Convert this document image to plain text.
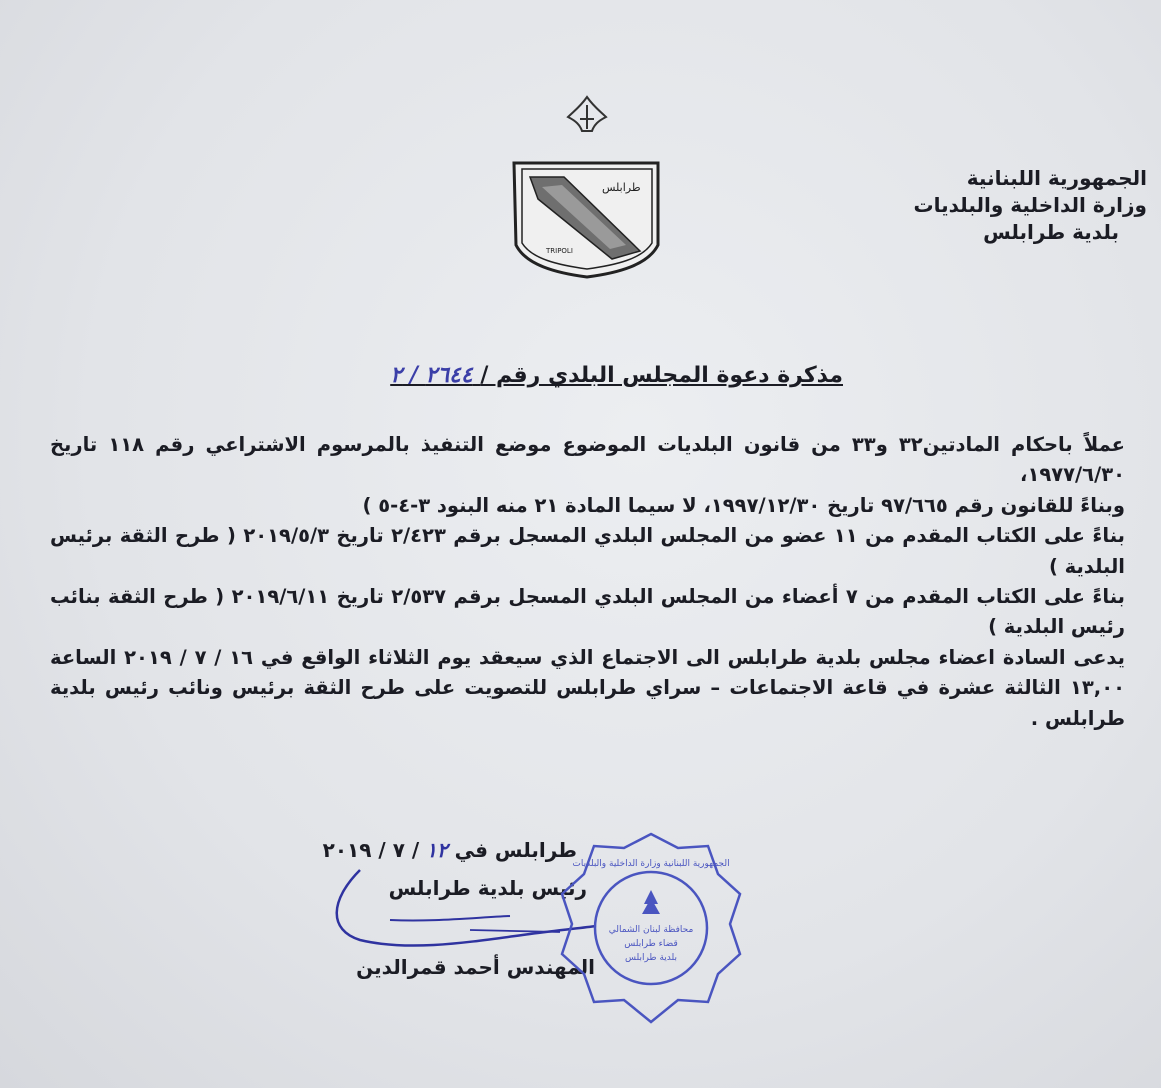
طرابلس
TRIPOLI
الجمهورية اللبنانية
وزارة الداخلية والبلديات
بلدية طرابلس
مذكرة دعوة المجلس البلدي رقم / ٢٦٤٤ / ٢

عملاً باحكام المادتين٣٢ و٣٣ من قانون البلديات الموضوع موضع التنفيذ بالمرسوم الاشتراعي رقم ١١٨ تاريخ ١٩٧٧/٦/٣٠،

وبناءً للقانون رقم ٩٧/٦٦٥ تاريخ ١٩٩٧/١٢/٣٠، لا سيما المادة ٢١ منه البنود ٣-٤-٥ )

بناءً على الكتاب المقدم من ١١ عضو من المجلس البلدي المسجل برقم ٢/٤٢٣ تاريخ ٢٠١٩/٥/٣ ( طرح الثقة برئيس البلدية )

بناءً على الكتاب المقدم من ٧ أعضاء من المجلس البلدي المسجل برقم ٢/٥٣٧ تاريخ ٢٠١٩/٦/١١ ( طرح الثقة بنائب رئيس البلدية )

يدعى السادة اعضاء مجلس بلدية طرابلس الى الاجتماع الذي سيعقد يوم الثلاثاء الواقع في ١٦ / ٧ / ٢٠١٩ الساعة ١٣,٠٠ الثالثة عشرة في قاعة الاجتماعات – سراي طرابلس للتصويت على طرح الثقة برئيس ونائب رئيس بلدية طرابلس .

طرابلس في ١٢ / ٧ / ٢٠١٩
رئيس بلدية طرابلس
المهندس أحمد قمرالدين
الجمهورية اللبنانية وزارة الداخلية والبلديات
محافظة لبنان الشمالي
قضاء طرابلس
بلدية طرابلس
